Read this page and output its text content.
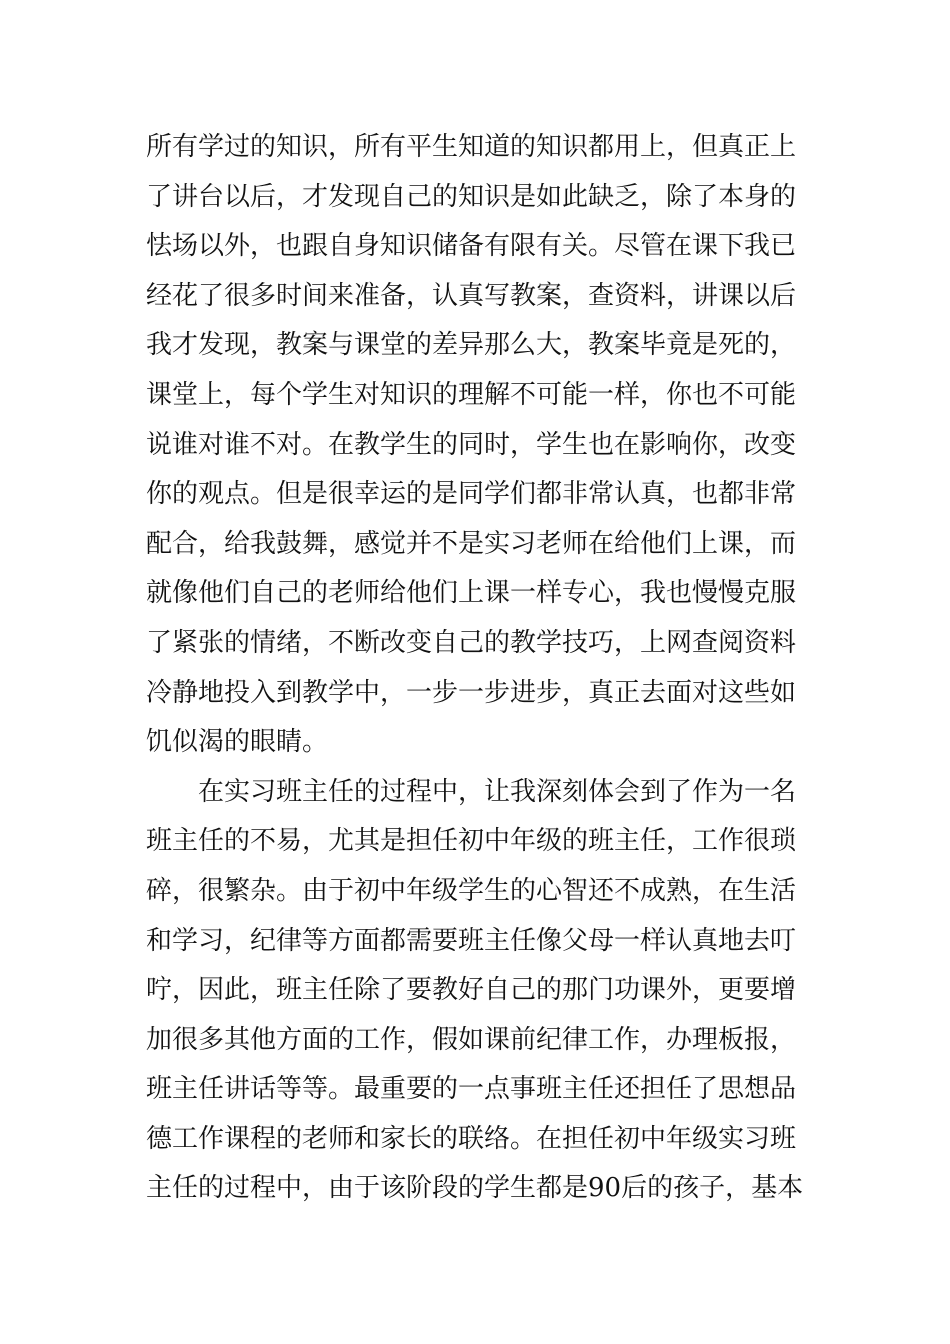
所有学过的知识，所有平生知道的知识都用上，但真正上
了讲台以后，才发现自己的知识是如此缺乏，除了本身的
怯场以外，也跟自身知识储备有限有关。尽管在课下我已
经花了很多时间来准备，认真写教案，查资料，讲课以后
我才发现，教案与课堂的差异那么大，教案毕竟是死的，
课堂上，每个学生对知识的理解不可能一样，你也不可能
说谁对谁不对。在教学生的同时，学生也在影响你，改变
你的观点。但是很幸运的是同学们都非常认真，也都非常
配合，给我鼓舞，感觉并不是实习老师在给他们上课，而
就像他们自己的老师给他们上课一样专心，我也慢慢克服
了紧张的情绪，不断改变自己的教学技巧，上网查阅资料
冷静地投入到教学中，一步一步进步，真正去面对这些如
饥似渴的眼睛。
　　在实习班主任的过程中，让我深刻体会到了作为一名
班主任的不易，尤其是担任初中年级的班主任，工作很琐
碎，很繁杂。由于初中年级学生的心智还不成熟，在生活
和学习，纪律等方面都需要班主任像父母一样认真地去叮
咛，因此，班主任除了要教好自己的那门功课外，更要增
加很多其他方面的工作，假如课前纪律工作，办理板报，
班主任讲话等等。最重要的一点事班主任还担任了思想品
德工作课程的老师和家长的联络。在担任初中年级实习班
主任的过程中，由于该阶段的学生都是90后的孩子，基本
